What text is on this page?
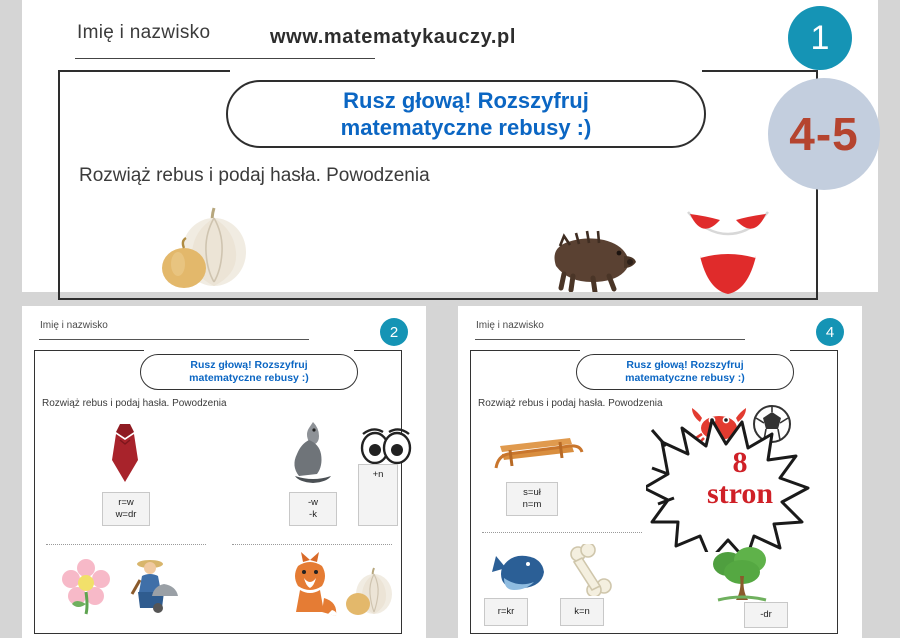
Imię i nazwisko	www.matematykauczy.pl
Rusz głową! Rozszyfruj
matematyczne rebusy :)
Rozwiąż rebus i podaj hasła. Powodzenia
1
4-5
Imię i nazwisko	2
Rusz głową! Rozszyfruj
matematyczne rebusy :)
Rozwiąż rebus i podaj hasła. Powodzenia
r=w
w=dr
-w
-k
+n
Imię i nazwisko	4
Rusz głową! Rozszyfruj
matematyczne rebusy :)
Rozwiąż rebus i podaj hasła. Powodzenia
s=uł
n=m
8
stron
r=kr	k=n	-dr
